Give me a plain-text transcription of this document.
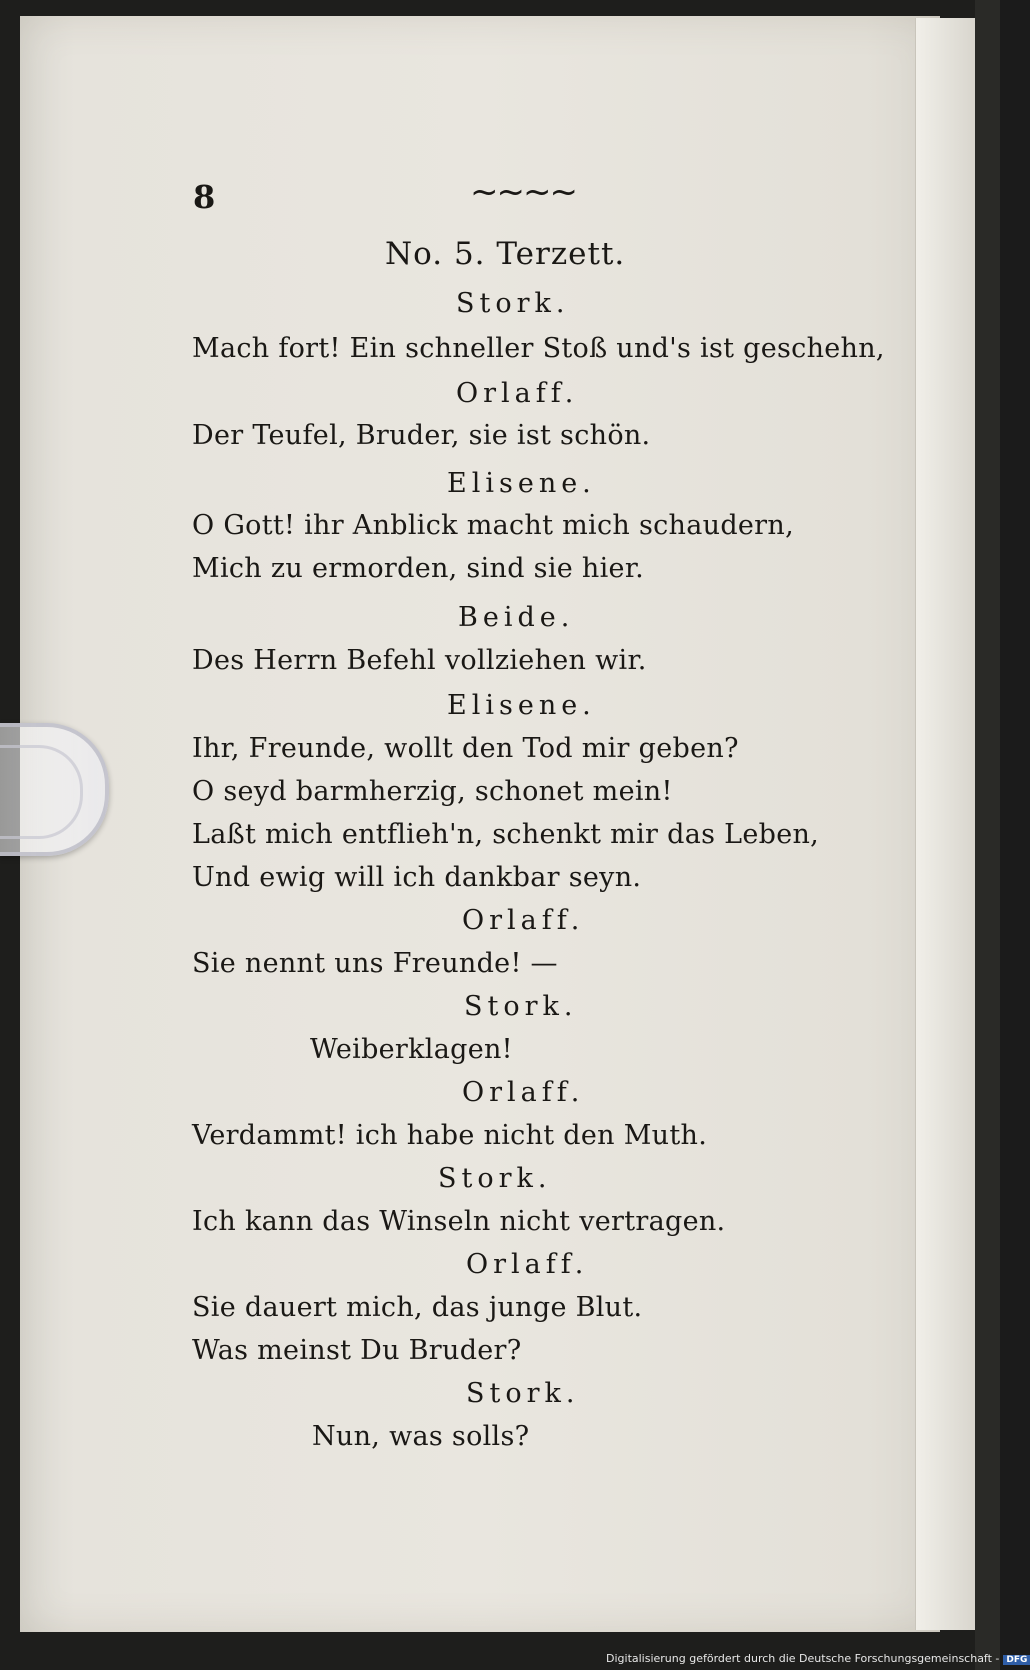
8	~~~~
No. 5. Terzett.
Stork.
Mach fort! Ein schneller Stoß und's ist geschehn,
Orlaff.
Der Teufel, Bruder, sie ist schön.
Elisene.
O Gott! ihr Anblick macht mich schaudern,
Mich zu ermorden, sind sie hier.
Beide.
Des Herrn Befehl vollziehen wir.
Elisene.
Ihr, Freunde, wollt den Tod mir geben?
O seyd barmherzig, schonet mein!
Laßt mich entflieh'n, schenkt mir das Leben,
Und ewig will ich dankbar seyn.
Orlaff.
Sie nennt uns Freunde! —
Stork.
Weiberklagen!
Orlaff.
Verdammt! ich habe nicht den Muth.
Stork.
Ich kann das Winseln nicht vertragen.
Orlaff.
Sie dauert mich, das junge Blut.
Was meinst Du Bruder?
Stork.
Nun, was solls?
Digitalisierung gefördert durch die Deutsche Forschungsgemeinschaft - DFG
